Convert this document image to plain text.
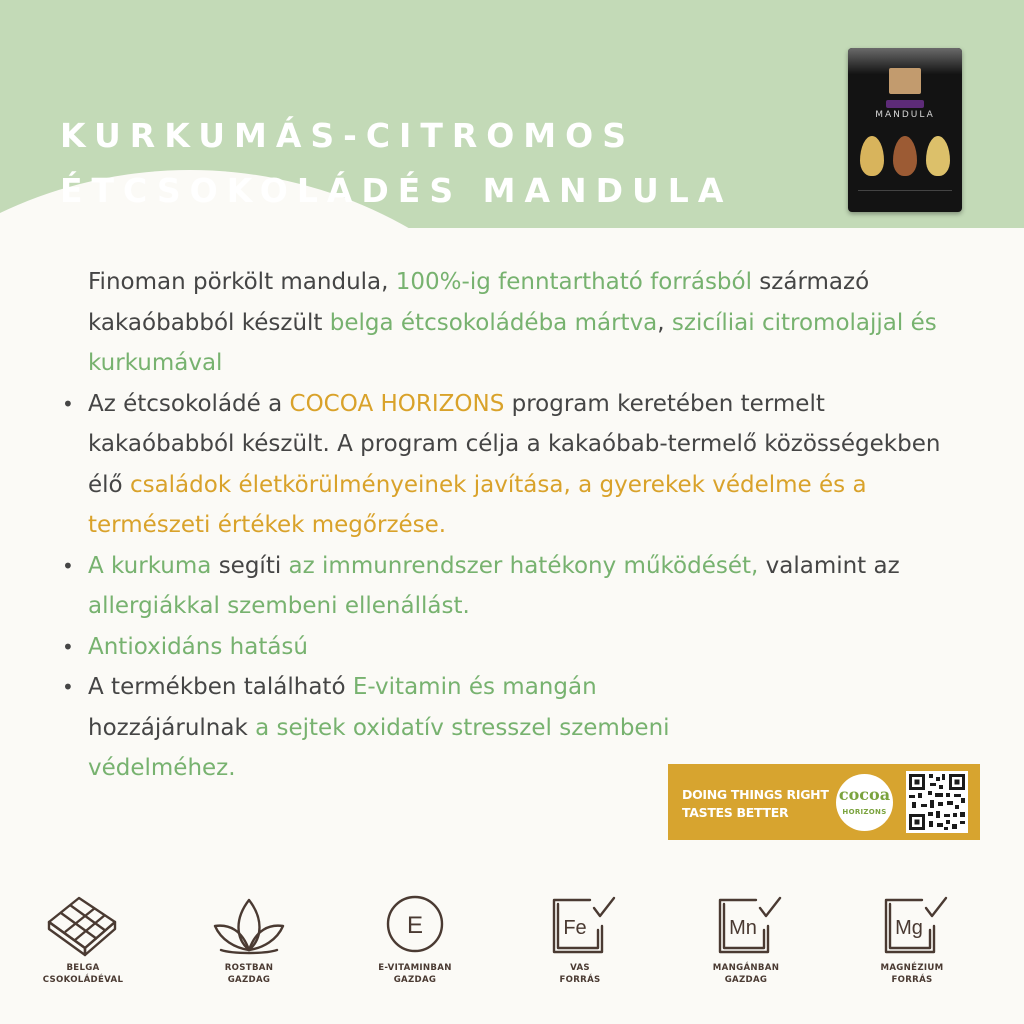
KURKUMÁS-CITROMOS
ÉTCSOKOLÁDÉS MANDULA
MANDULA
Finoman pörkölt mandula, 100%-ig fenntartható forrásból származó kakaóbabból készült belga étcsokoládéba mártva, szicíliai citromolajjal és kurkumával
• Az étcsokoládé a COCOA HORIZONS program keretében termelt kakaóbabból készült. A program célja a kakaóbab-termelő közösségekben élő családok életkörülményeinek javítása, a gyerekek védelme és a természeti értékek megőrzése.
• A kurkuma segíti az immunrendszer hatékony működését, valamint az allergiákkal szembeni ellenállást.
• Antioxidáns hatású
• A termékben található E-vitamin és mangán hozzájárulnak a sejtek oxidatív stresszel szembeni védelméhez.
DOING THINGS RIGHT
TASTES BETTER
cocoa
HORIZONS
BELGA
CSOKOLÁDÉVAL
ROSTBAN
GAZDAG
E
E-VITAMINBAN
GAZDAG
Fe
VAS
FORRÁS
Mn
MANGÁNBAN
GAZDAG
Mg
MAGNÉZIUM
FORRÁS
